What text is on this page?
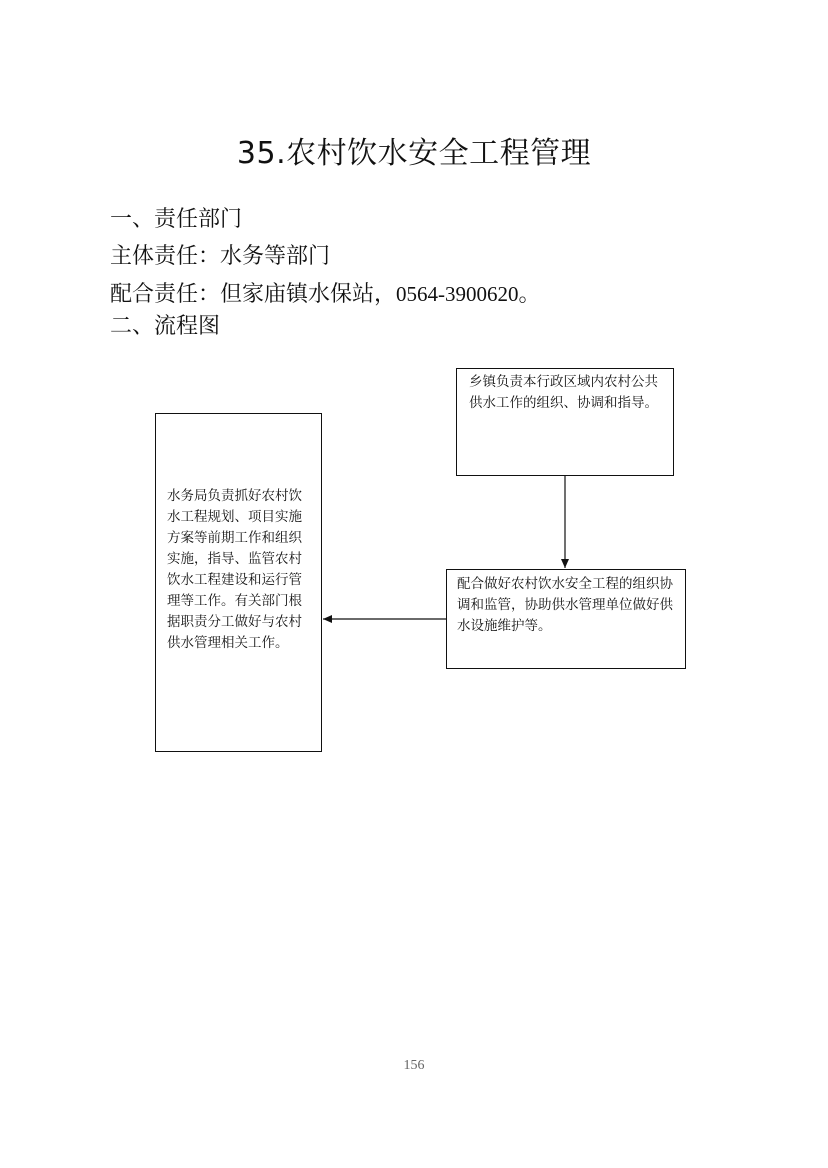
35.农村饮水安全工程管理
一、责任部门
主体责任：水务等部门
配合责任：但家庙镇水保站，0564-3900620。
二、流程图
乡镇负责本行政区域内农村公共供水工作的组织、协调和指导。
配合做好农村饮水安全工程的组织协调和监管，协助供水管理单位做好供水设施维护等。
水务局负责抓好农村饮水工程规划、项目实施方案等前期工作和组织实施，指导、监管农村饮水工程建设和运行管理等工作。有关部门根据职责分工做好与农村供水管理相关工作。
156
